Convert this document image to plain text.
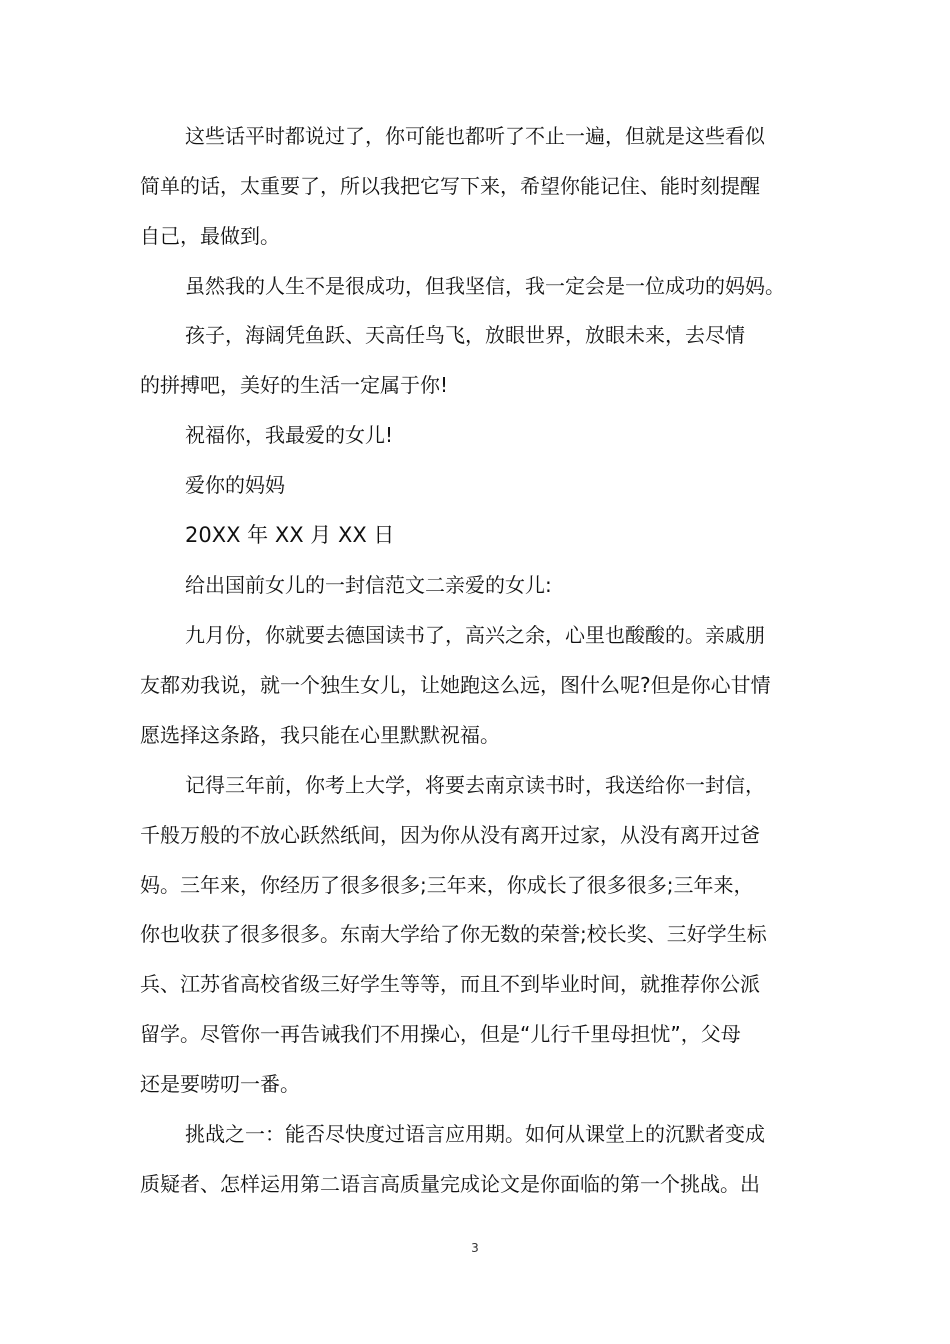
这些话平时都说过了，你可能也都听了不止一遍，但就是这些看似

简单的话，太重要了，所以我把它写下来，希望你能记住、能时刻提醒

自己，最做到。

虽然我的人生不是很成功，但我坚信，我一定会是一位成功的妈妈。

孩子，海阔凭鱼跃、天高任鸟飞，放眼世界，放眼未来，去尽情

的拼搏吧，美好的生活一定属于你!

祝福你，我最爱的女儿!

爱你的妈妈

20XX 年 XX 月 XX 日

给出国前女儿的一封信范文二亲爱的女儿:

九月份，你就要去德国读书了，高兴之余，心里也酸酸的。亲戚朋

友都劝我说，就一个独生女儿，让她跑这么远，图什么呢?但是你心甘情

愿选择这条路，我只能在心里默默祝福。

记得三年前，你考上大学，将要去南京读书时，我送给你一封信，

千般万般的不放心跃然纸间，因为你从没有离开过家，从没有离开过爸

妈。三年来，你经历了很多很多;三年来，你成长了很多很多;三年来，

你也收获了很多很多。东南大学给了你无数的荣誉;校长奖、三好学生标

兵、江苏省高校省级三好学生等等，而且不到毕业时间，就推荐你公派

留学。尽管你一再告诫我们不用操心，但是“儿行千里母担忧”，父母

还是要唠叨一番。

挑战之一：能否尽快度过语言应用期。如何从课堂上的沉默者变成

质疑者、怎样运用第二语言高质量完成论文是你面临的第一个挑战。出

3
